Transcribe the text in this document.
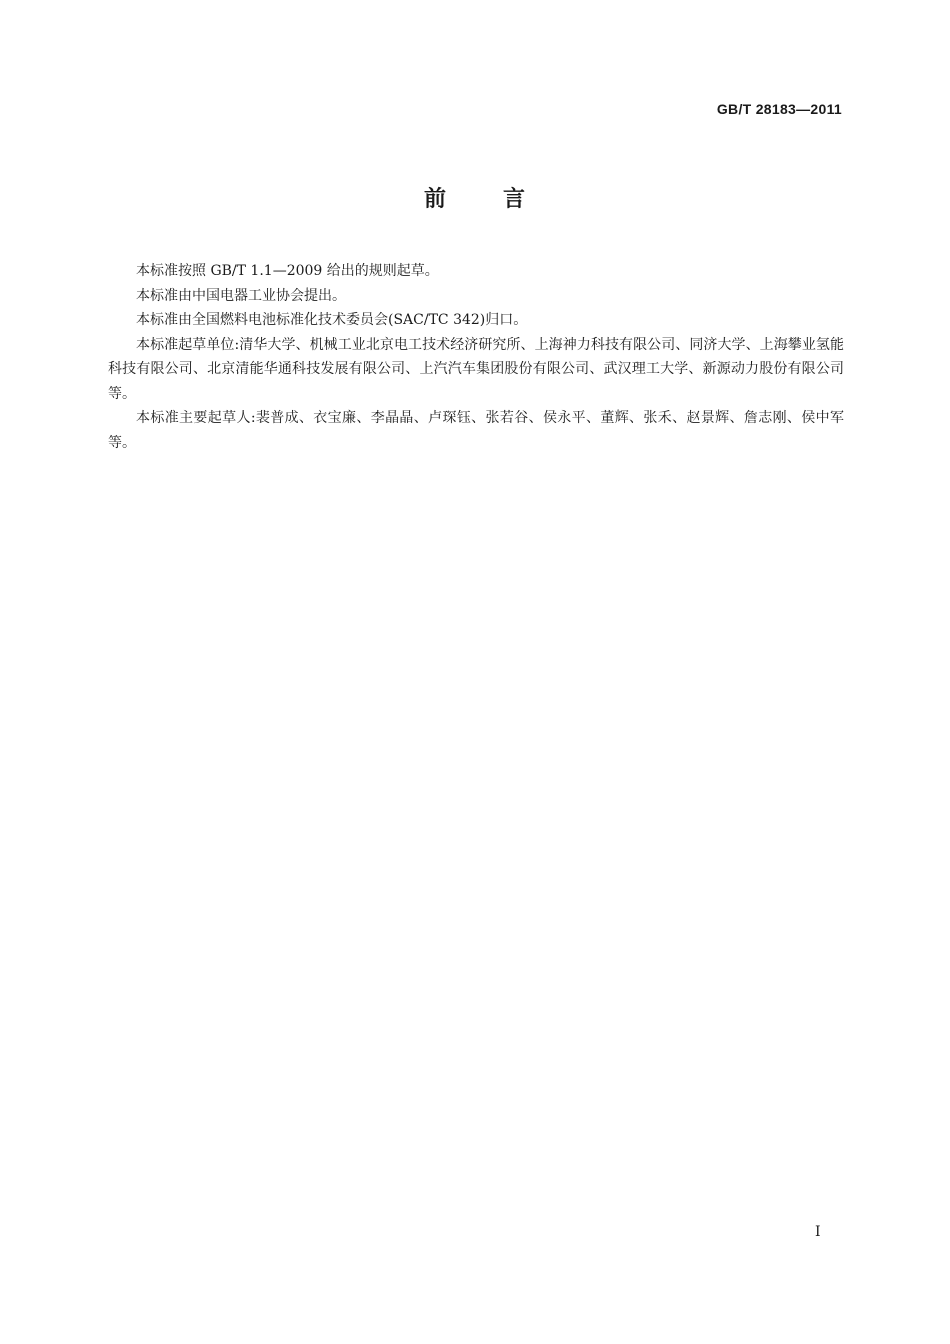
GB/T 28183—2011
前	言

本标准按照 GB/T 1.1—2009 给出的规则起草。

本标准由中国电器工业协会提出。

本标准由全国燃料电池标准化技术委员会(SAC/TC 342)归口。

本标准起草单位:清华大学、机械工业北京电工技术经济研究所、上海神力科技有限公司、同济大学、上海攀业氢能科技有限公司、北京清能华通科技发展有限公司、上汽汽车集团股份有限公司、武汉理工大学、新源动力股份有限公司等。

本标准主要起草人:裴普成、衣宝廉、李晶晶、卢琛钰、张若谷、侯永平、董辉、张禾、赵景辉、詹志刚、侯中军等。

I
